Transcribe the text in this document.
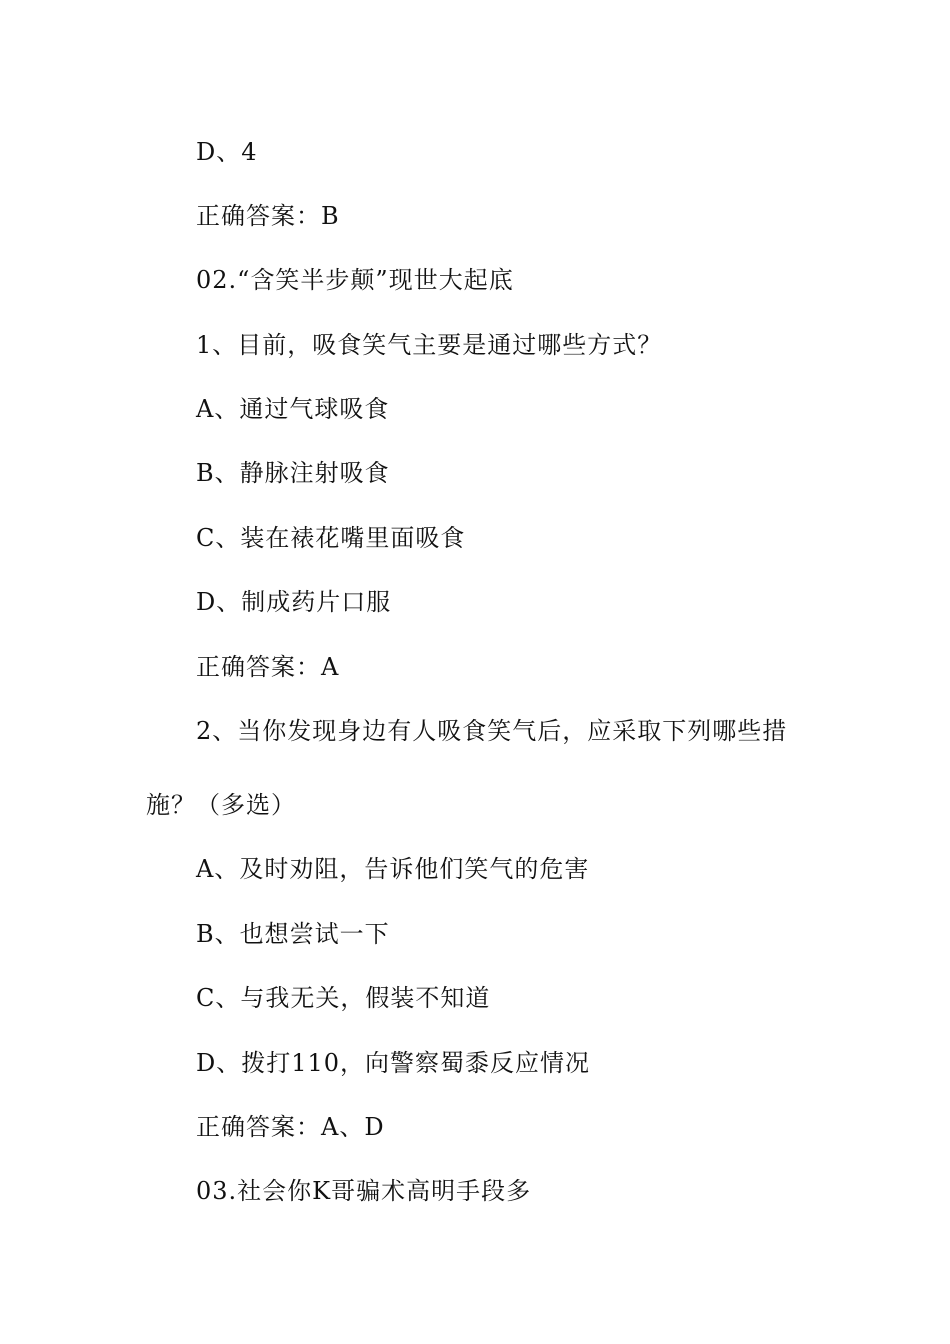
D、4
正确答案：B
02.“含笑半步颠”现世大起底
1、目前，吸食笑气主要是通过哪些方式？
A、通过气球吸食
B、静脉注射吸食
C、装在裱花嘴里面吸食
D、制成药片口服
正确答案：A
2、当你发现身边有人吸食笑气后，应采取下列哪些措
施？（多选）
A、及时劝阻，告诉他们笑气的危害
B、也想尝试一下
C、与我无关，假装不知道
D、拨打110，向警察蜀黍反应情况
正确答案：A、D
03.社会你K哥骗术高明手段多
